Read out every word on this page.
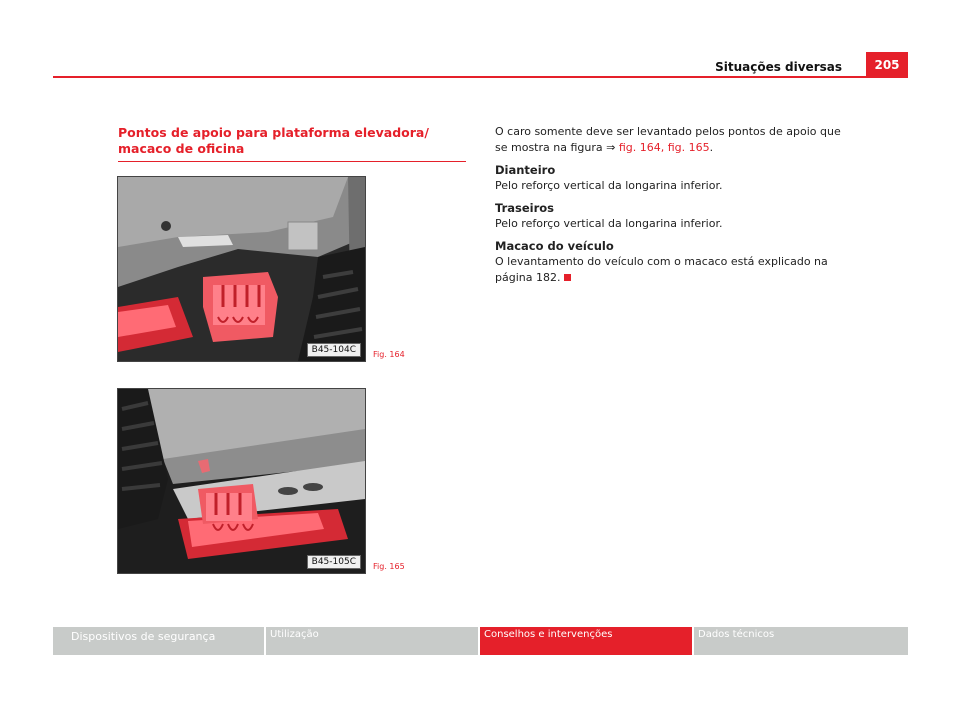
205
Situações diversas
Pontos de apoio para plataforma elevadora/
macaco de oficina
B45-104C	Fig. 164
B45-105C	Fig. 165

O caro somente deve ser levantado pelos pontos de apoio que se mostra na figura ⇒ fig. 164, fig. 165.

Dianteiro

Pelo reforço vertical da longarina inferior.

Traseiros

Pelo reforço vertical da longarina inferior.

Macaco do veículo

O levantamento do veículo com o macaco está explicado na página 182.

Dispositivos de segurança	Utilização	Conselhos e intervenções	Dados técnicos
